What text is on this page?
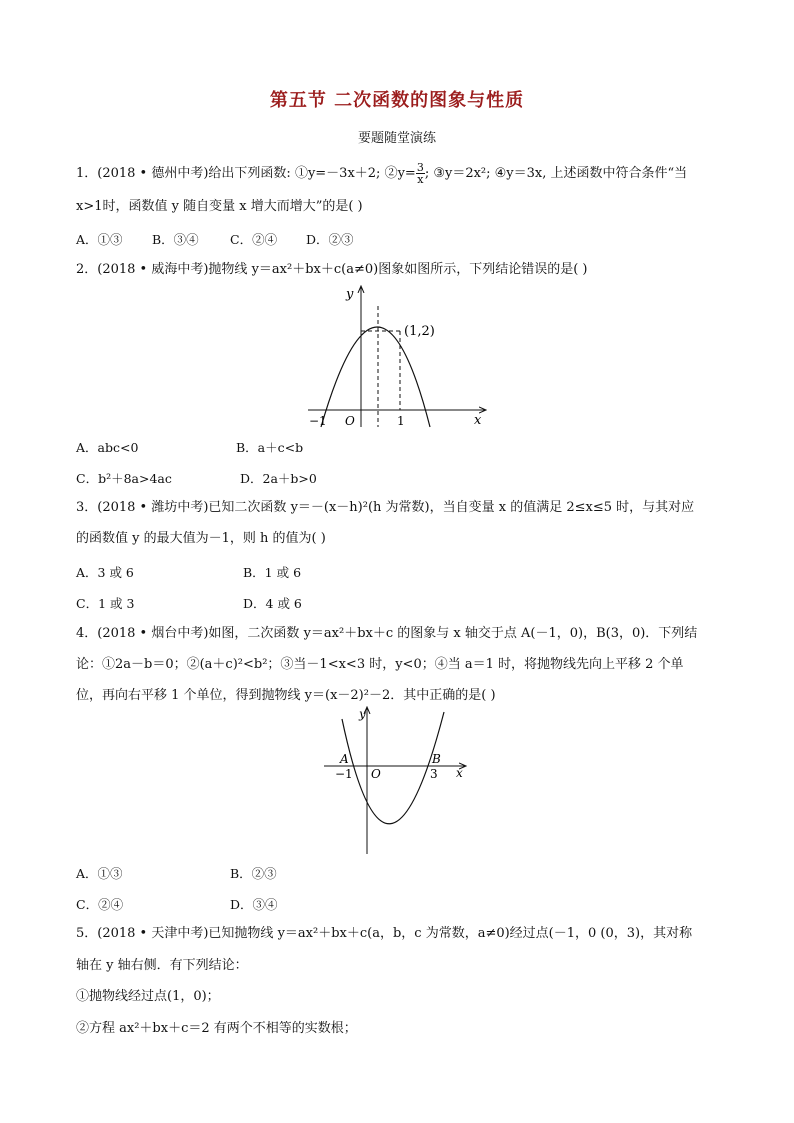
第五节 二次函数的图象与性质
要题随堂演练
1．(2018 • 德州中考)给出下列函数: ①y=－3x＋2; ②y= $\frac{3}{x}$ ; ③y＝2x²; ④y＝3x, 上述函数中符合条件“当
x>1时，函数值 y 随自变量 x 增大而增大”的是( )
A．①③ B．③④	C．②④ D．②③
2．(2018 • 威海中考)抛物线 y＝ax²＋bx＋c(a≠0)图象如图所示，下列结论错误的是( )
y
x
(1,2)
−1 O	1
A．abc<0	B．a＋c<b
C．b²＋8a>4ac	D．2a＋b>0
3．(2018 • 潍坊中考)已知二次函数 y＝－(x－h)²(h 为常数)，当自变量 x 的值满足 2≤x≤5 时，与其对应
的函数值 y 的最大值为－1，则 h 的值为( )
A．3 或 6	B．1 或 6
C．1 或 3	D．4 或 6
4．(2018 • 烟台中考)如图，二次函数 y＝ax²＋bx＋c 的图象与 x 轴交于点 A(－1，0)，B(3，0)．下列结
论：①2a－b＝0；②(a＋c)²<b²；③当－1<x<3 时，y<0；④当 a＝1 时，将抛物线先向上平移 2 个单
位，再向右平移 1 个单位，得到抛物线 y＝(x－2)²－2．其中正确的是( )
y
x
A	B
−1 O	3
A．①③	B．②③
C．②④	D．③④
5．(2018 • 天津中考)已知抛物线 y＝ax²＋bx＋c(a，b，c 为常数，a≠0)经过点(－1，0 (0，3)，其对称
轴在 y 轴右侧．有下列结论：
①抛物线经过点(1，0)；
②方程 ax²＋bx＋c＝2 有两个不相等的实数根；
